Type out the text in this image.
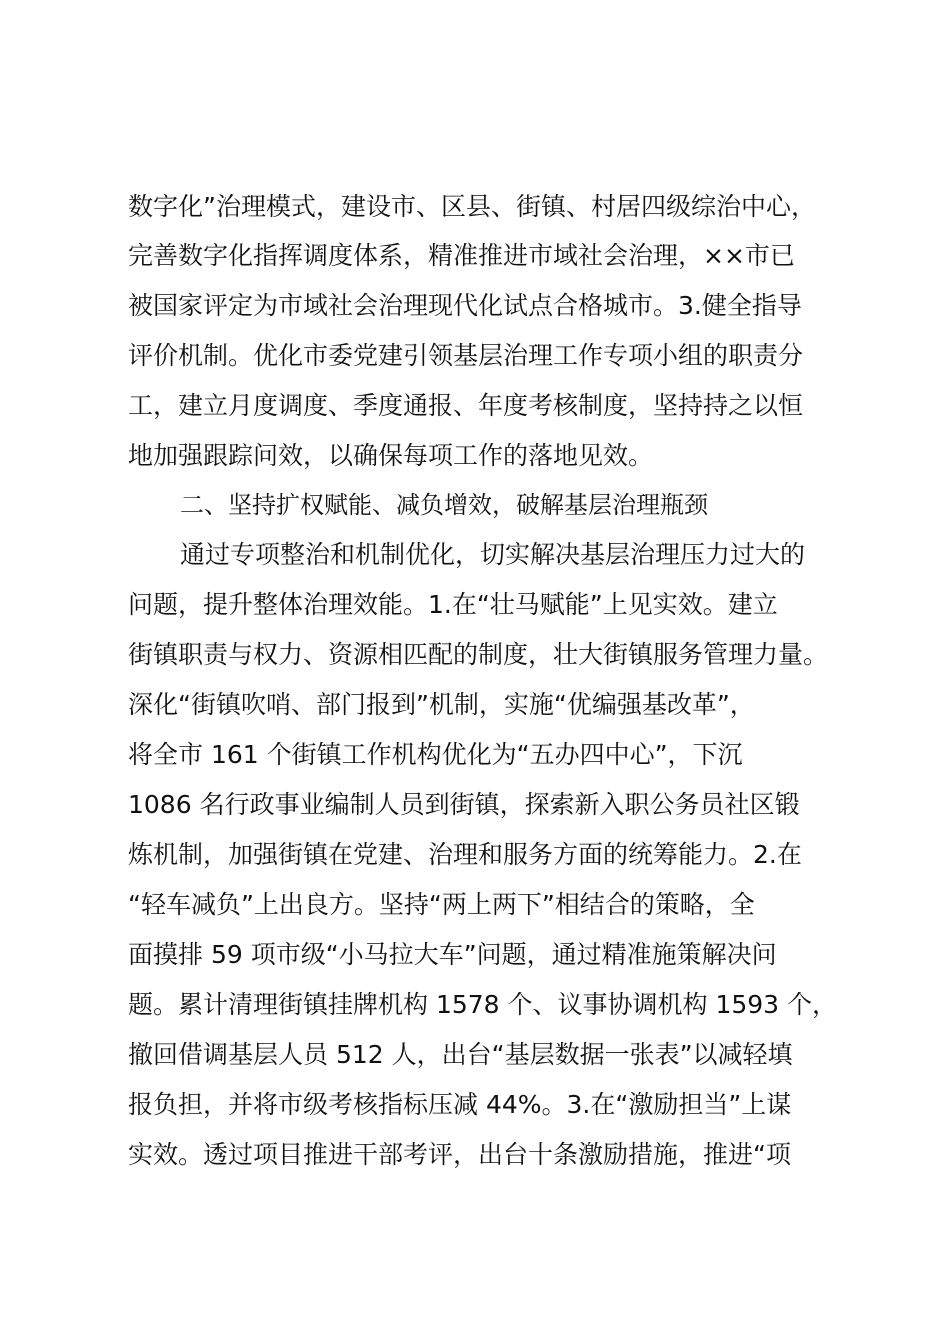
数字化”治理模式，建设市、区县、街镇、村居四级综治中心，
完善数字化指挥调度体系，精准推进市域社会治理，××市已
被国家评定为市域社会治理现代化试点合格城市。3.健全指导
评价机制。优化市委党建引领基层治理工作专项小组的职责分
工，建立月度调度、季度通报、年度考核制度，坚持持之以恒
地加强跟踪问效，以确保每项工作的落地见效。
二、坚持扩权赋能、减负增效，破解基层治理瓶颈
通过专项整治和机制优化，切实解决基层治理压力过大的
问题，提升整体治理效能。1.在“壮马赋能”上见实效。建立
街镇职责与权力、资源相匹配的制度，壮大街镇服务管理力量。
深化“街镇吹哨、部门报到”机制，实施“优编强基改革”，
将全市 161 个街镇工作机构优化为“五办四中心”，下沉
1086 名行政事业编制人员到街镇，探索新入职公务员社区锻
炼机制，加强街镇在党建、治理和服务方面的统筹能力。2.在
“轻车减负”上出良方。坚持“两上两下”相结合的策略，全
面摸排 59 项市级“小马拉大车”问题，通过精准施策解决问
题。累计清理街镇挂牌机构 1578 个、议事协调机构 1593 个，
撤回借调基层人员 512 人，出台“基层数据一张表”以减轻填
报负担，并将市级考核指标压减 44%。3.在“激励担当”上谋
实效。透过项目推进干部考评，出台十条激励措施，推进“项
